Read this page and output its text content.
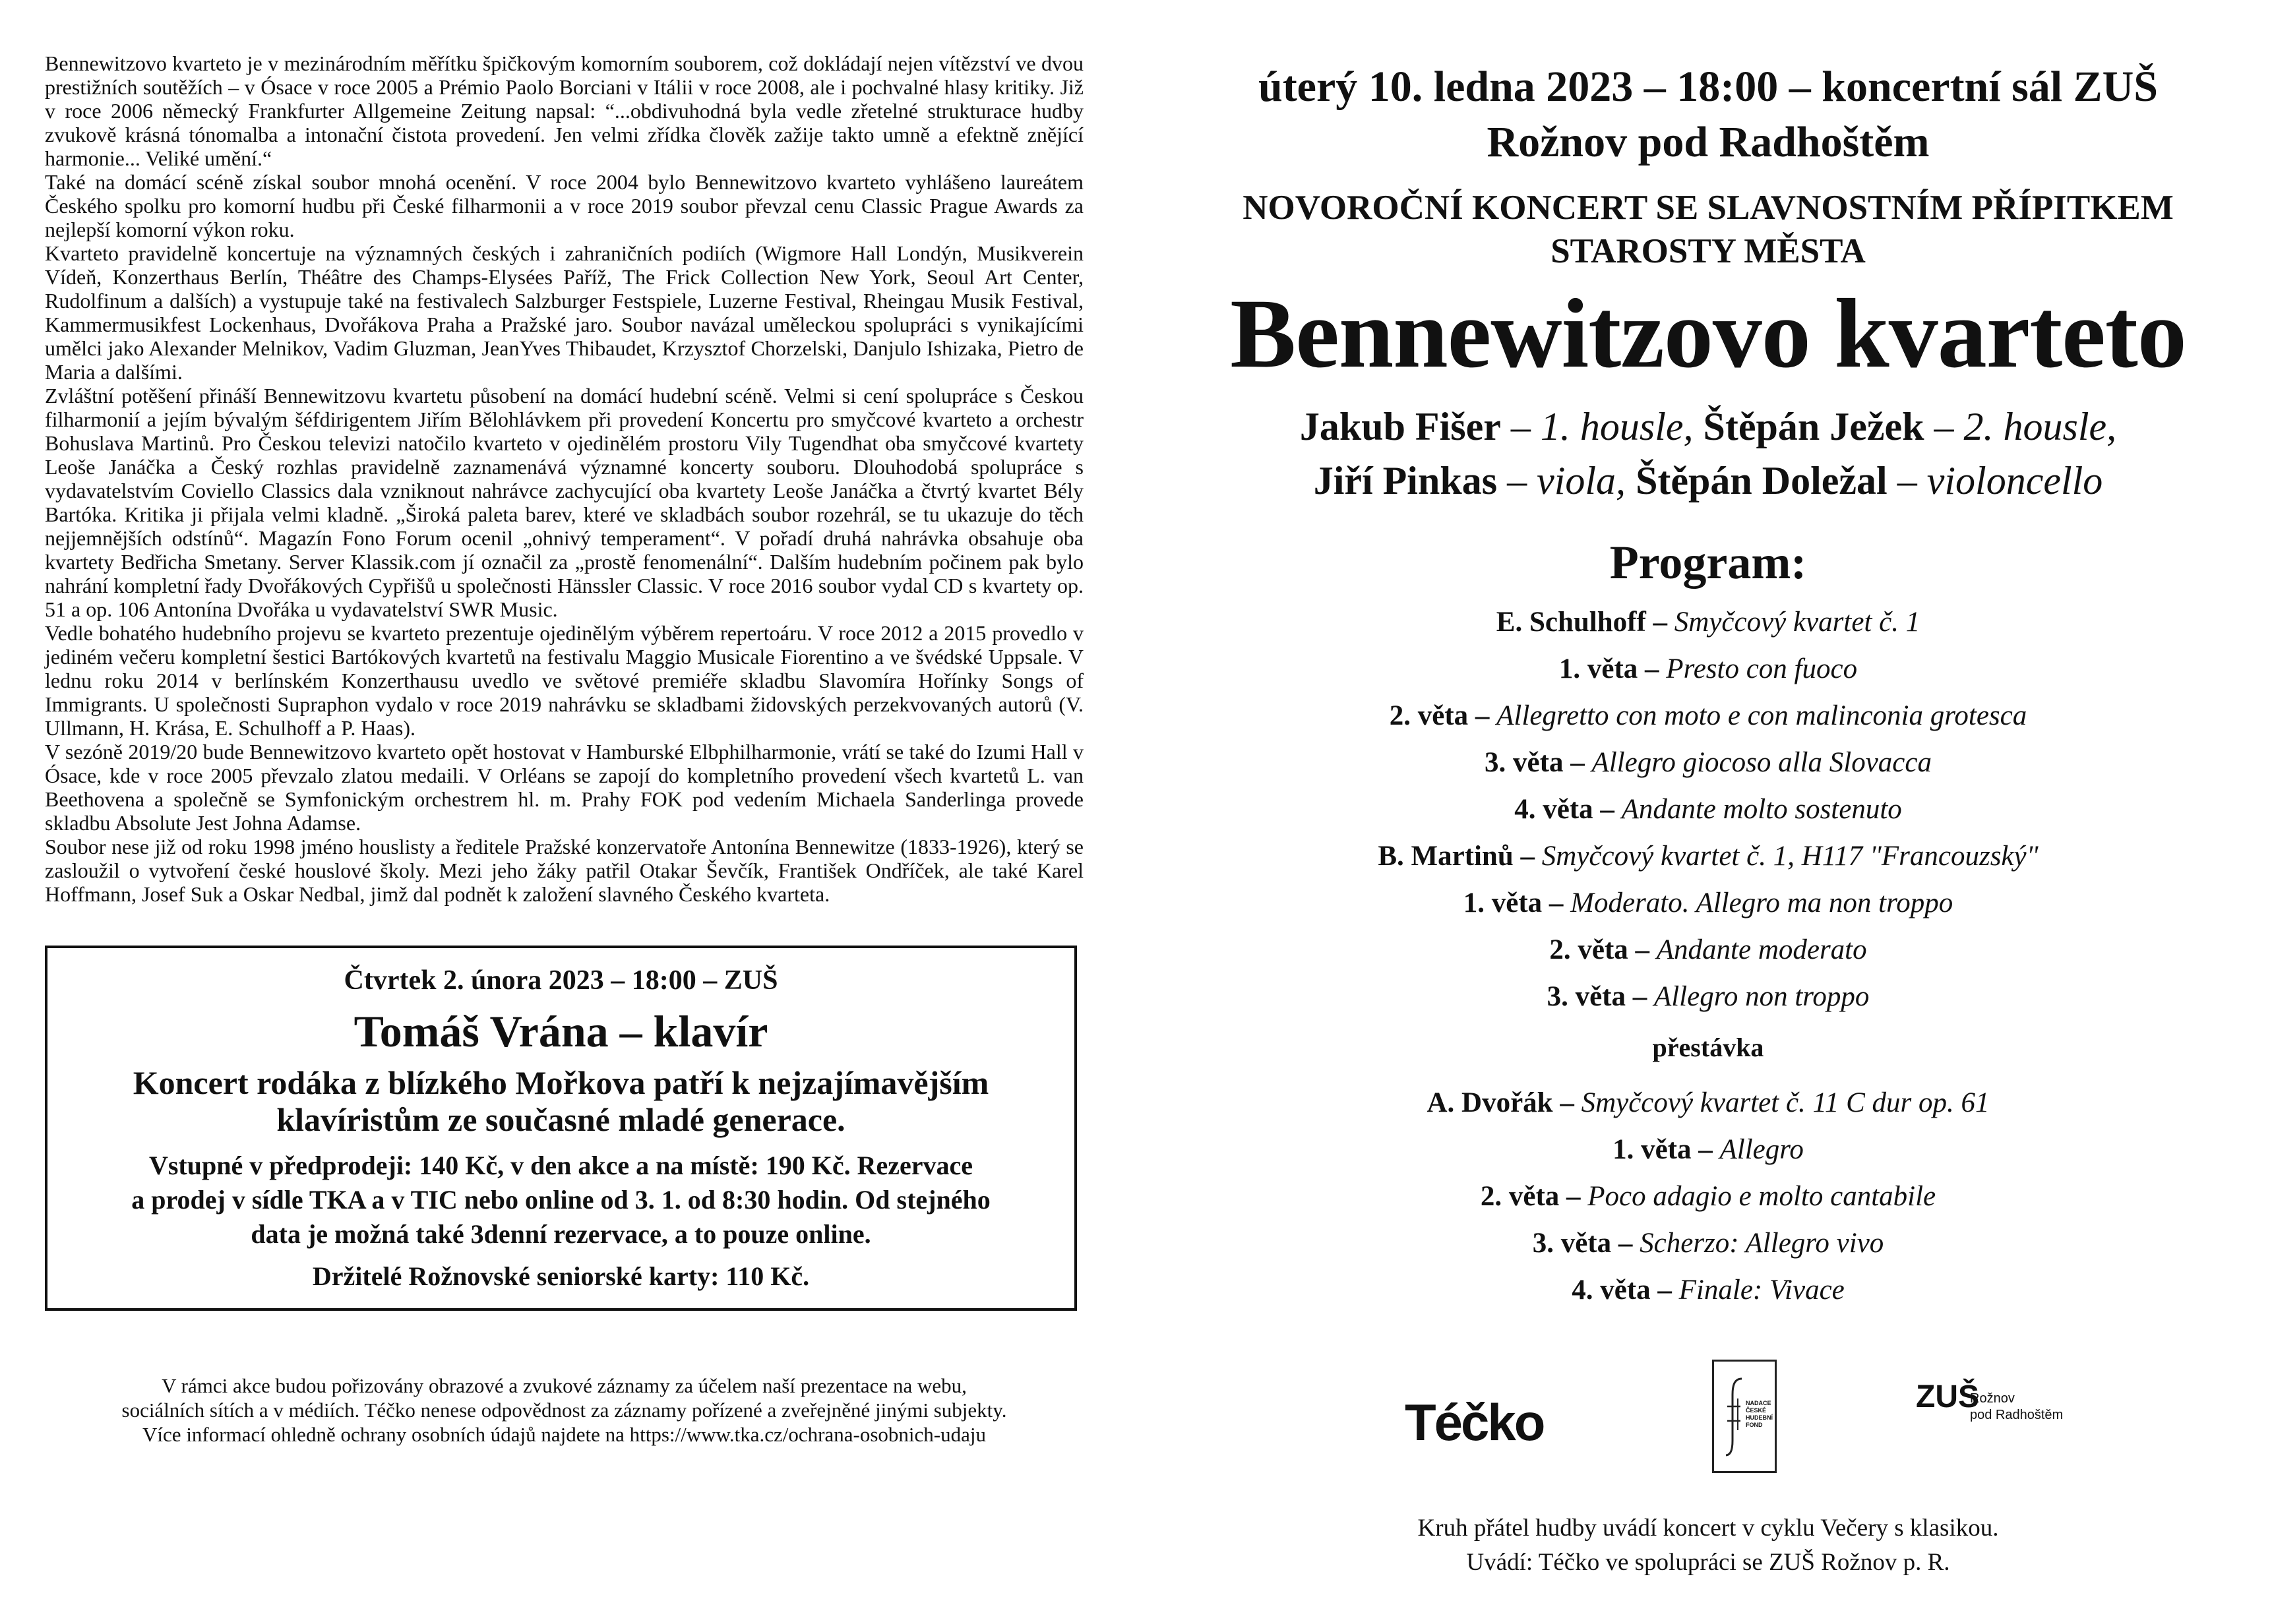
Bennewitzovo kvarteto je v mezinárodním měřítku špičkovým komorním souborem, což dokládají nejen vítězství ve dvou prestižních soutěžích – v Ósace v roce 2005 a Prémio Paolo Borciani v Itálii v roce 2008, ale i pochvalné hlasy kritiky. Již v roce 2006 německý Frankfurter Allgemeine Zeitung napsal: “...obdivuhodná byla vedle zřetelné strukturace hudby zvukově krásná tónomalba a intonační čistota provedení. Jen velmi zřídka člověk zažije takto umně a efektně znějící harmonie... Veliké umění.“

Také na domácí scéně získal soubor mnohá ocenění. V roce 2004 bylo Bennewitzovo kvarteto vyhlášeno laureátem Českého spolku pro komorní hudbu při České filharmonii a v roce 2019 soubor převzal cenu Classic Prague Awards za nejlepší komorní výkon roku.

Kvarteto pravidelně koncertuje na významných českých i zahraničních podiích (Wigmore Hall Londýn, Musikverein Vídeň, Konzerthaus Berlín, Théâtre des Champs-Elysées Paříž, The Frick Collection New York, Seoul Art Center, Rudolfinum a dalších) a vystupuje také na festivalech Salzburger Festspiele, Luzerne Festival, Rheingau Musik Festival, Kammermusikfest Lockenhaus, Dvořákova Praha a Pražské jaro. Soubor navázal uměleckou spolupráci s vynikajícími umělci jako Alexander Melnikov, Vadim Gluzman, JeanYves Thibaudet, Krzysztof Chorzelski, Danjulo Ishizaka, Pietro de Maria a dalšími.

Zvláštní potěšení přináší Bennewitzovu kvartetu působení na domácí hudební scéně. Velmi si cení spolupráce s Českou filharmonií a jejím bývalým šéfdirigentem Jiřím Bělohlávkem při provedení Koncertu pro smyčcové kvarteto a orchestr Bohuslava Martinů. Pro Českou televizi natočilo kvarteto v ojedinělém prostoru Vily Tugendhat oba smyčcové kvartety Leoše Janáčka a Český rozhlas pravidelně zaznamenává významné koncerty souboru. Dlouhodobá spolupráce s vydavatelstvím Coviello Classics dala vzniknout nahrávce zachycující oba kvartety Leoše Janáčka a čtvrtý kvartet Bély Bartóka. Kritika ji přijala velmi kladně. „Široká paleta barev, které ve skladbách soubor rozehrál, se tu ukazuje do těch nejjemnějších odstínů“. Magazín Fono Forum ocenil „ohnivý temperament“. V pořadí druhá nahrávka obsahuje oba kvartety Bedřicha Smetany. Server Klassik.com jí označil za „prostě fenomenální“. Dalším hudebním počinem pak bylo nahrání kompletní řady Dvořákových Cypřišů u společnosti Hänssler Classic. V roce 2016 soubor vydal CD s kvartety op. 51 a op. 106 Antonína Dvořáka u vydavatelství SWR Music.

Vedle bohatého hudebního projevu se kvarteto prezentuje ojedinělým výběrem repertoáru. V roce 2012 a 2015 provedlo v jediném večeru kompletní šestici Bartókových kvartetů na festivalu Maggio Musicale Fiorentino a ve švédské Uppsale. V lednu roku 2014 v berlínském Konzerthausu uvedlo ve světové premiéře skladbu Slavomíra Hořínky Songs of Immigrants. U společnosti Supraphon vydalo v roce 2019 nahrávku se skladbami židovských perzekvovaných autorů (V. Ullmann, H. Krása, E. Schulhoff a P. Haas).

V sezóně 2019/20 bude Bennewitzovo kvarteto opět hostovat v Hamburské Elbphilharmonie, vrátí se také do Izumi Hall v Ósace, kde v roce 2005 převzalo zlatou medaili. V Orléans se zapojí do kompletního provedení všech kvartetů L. van Beethovena a společně se Symfonickým orchestrem hl. m. Prahy FOK pod vedením Michaela Sanderlinga provede skladbu Absolute Jest Johna Adamse.

Soubor nese již od roku 1998 jméno houslisty a ředitele Pražské konzervatoře Antonína Bennewitze (1833-1926), který se zasloužil o vytvoření české houslové školy. Mezi jeho žáky patřil Otakar Ševčík, František Ondříček, ale také Karel Hoffmann, Josef Suk a Oskar Nedbal, jimž dal podnět k založení slavného Českého kvarteta.

Čtvrtek 2. února 2023 – 18:00 – ZUŠ
Tomáš Vrána – klavír
Koncert rodáka z blízkého Mořkova patří k nejzajímavějším
klavíristům ze současné mladé generace.
Vstupné v předprodeji: 140 Kč, v den akce a na místě: 190 Kč. Rezervace
a prodej v sídle TKA a v TIC nebo online od 3. 1. od 8:30 hodin. Od stejného
data je možná také 3denní rezervace, a to pouze online.
Držitelé Rožnovské seniorské karty: 110 Kč.
V rámci akce budou pořizovány obrazové a zvukové záznamy za účelem naší prezentace na webu,
sociálních sítích a v médiích. Téčko nenese odpovědnost za záznamy pořízené a zveřejněné jinými subjekty.
Více informací ohledně ochrany osobních údajů najdete na https://www.tka.cz/ochrana-osobnich-udaju
úterý 10. ledna 2023 – 18:00 – koncertní sál ZUŠ
Rožnov pod Radhoštěm
NOVOROČNÍ KONCERT SE SLAVNOSTNÍM PŘÍPITKEM
STAROSTY MĚSTA
Bennewitzovo kvarteto
Jakub Fišer – 1. housle, Štěpán Ježek – 2. housle,
Jiří Pinkas – viola, Štěpán Doležal – violoncello
Program:
E. Schulhoff – Smyčcový kvartet č. 1
1. věta – Presto con fuoco
2. věta – Allegretto con moto e con malinconia grotesca
3. věta – Allegro giocoso alla Slovacca
4. věta – Andante molto sostenuto
B. Martinů – Smyčcový kvartet č. 1, H117 "Francouzský"
1. věta – Moderato. Allegro ma non troppo
2. věta – Andante moderato
3. věta – Allegro non troppo
přestávka
A. Dvořák – Smyčcový kvartet č. 11 C dur op. 61
1. věta – Allegro
2. věta – Poco adagio e molto cantabile
3. věta – Scherzo: Allegro vivo
4. věta – Finale: Vivace
Téčko	NADACE ČESKÉ HUDEBNÍ FOND
ZUŠ
Rožnov
pod Radhoštěm
Kruh přátel hudby uvádí koncert v cyklu Večery s klasikou.
Uvádí: Téčko ve spolupráci se ZUŠ Rožnov p. R.
